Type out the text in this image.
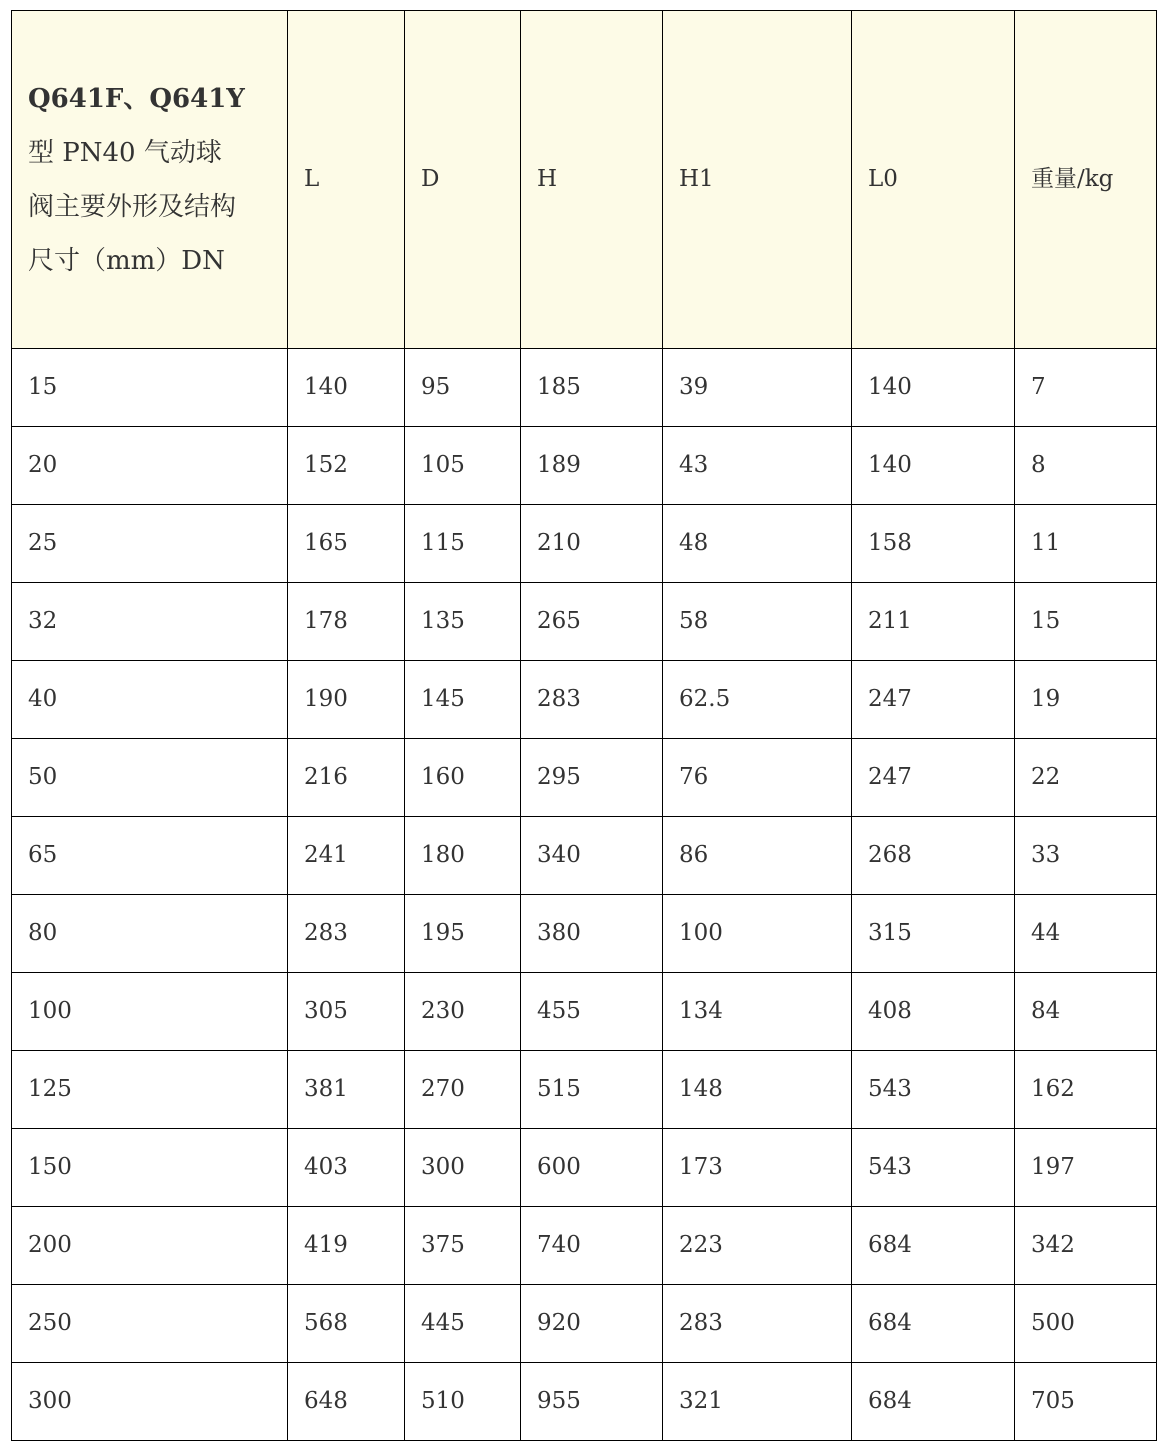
Q641F、Q641Y
型 PN40 气动球
阀主要外形及结构
尺寸（mm）DN	L	D	H	H1	L0	重量/kg
15	140	95	185	39	140	7
20	152	105	189	43	140	8
25	165	115	210	48	158	11
32	178	135	265	58	211	15
40	190	145	283	62.5	247	19
50	216	160	295	76	247	22
65	241	180	340	86	268	33
80	283	195	380	100	315	44
100	305	230	455	134	408	84
125	381	270	515	148	543	162
150	403	300	600	173	543	197
200	419	375	740	223	684	342
250	568	445	920	283	684	500
300	648	510	955	321	684	705
